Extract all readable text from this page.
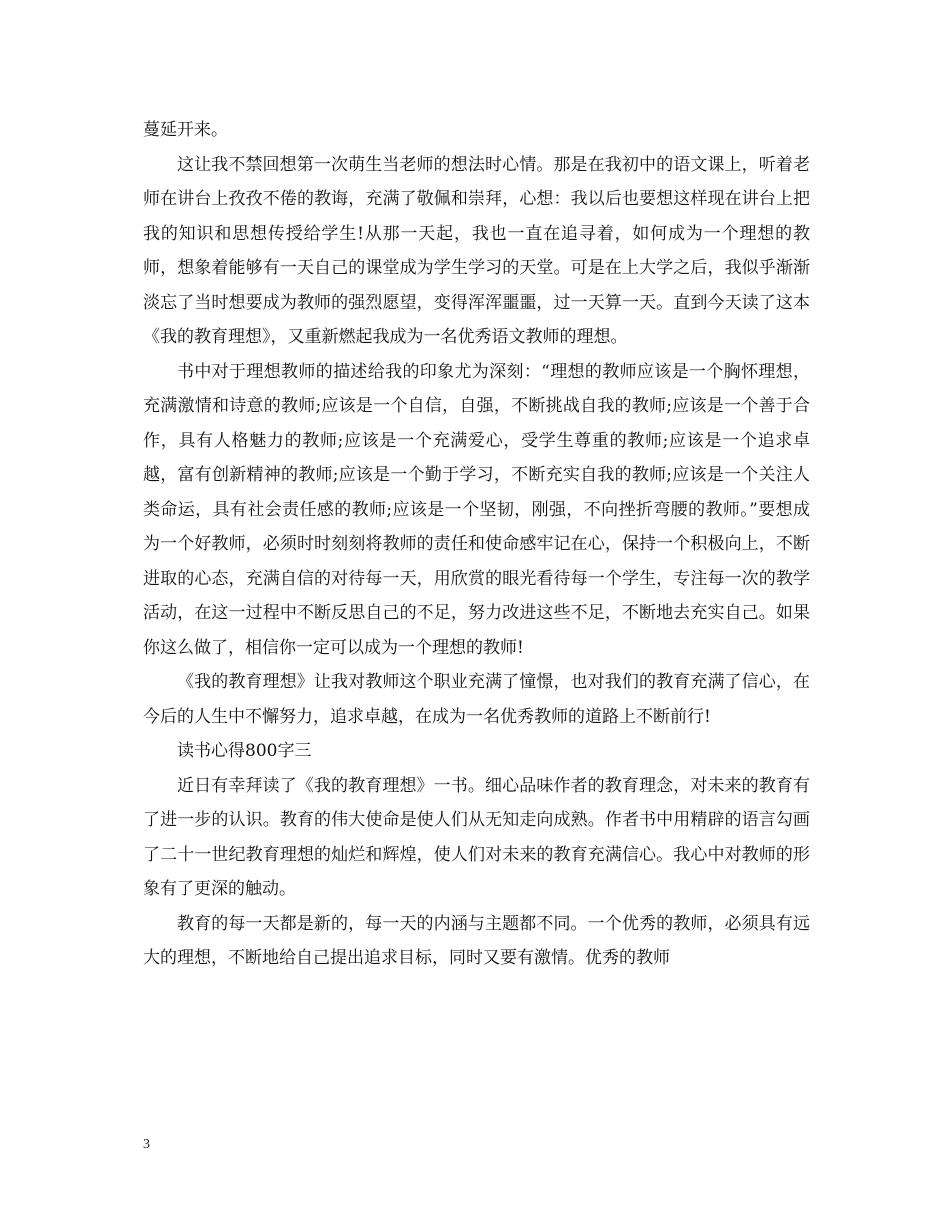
蔓延开来。

这让我不禁回想第一次萌生当老师的想法时心情。那是在我初中的语文课上，听着老师在讲台上孜孜不倦的教诲，充满了敬佩和崇拜，心想：我以后也要想这样现在讲台上把我的知识和思想传授给学生!从那一天起，我也一直在追寻着，如何成为一个理想的教师，想象着能够有一天自己的课堂成为学生学习的天堂。可是在上大学之后，我似乎渐渐淡忘了当时想要成为教师的强烈愿望，变得浑浑噩噩，过一天算一天。直到今天读了这本《我的教育理想》，又重新燃起我成为一名优秀语文教师的理想。

书中对于理想教师的描述给我的印象尤为深刻：“理想的教师应该是一个胸怀理想，充满激情和诗意的教师;应该是一个自信，自强，不断挑战自我的教师;应该是一个善于合作，具有人格魅力的教师;应该是一个充满爱心，受学生尊重的教师;应该是一个追求卓越，富有创新精神的教师;应该是一个勤于学习，不断充实自我的教师;应该是一个关注人类命运，具有社会责任感的教师;应该是一个坚韧，刚强，不向挫折弯腰的教师。”要想成为一个好教师，必须时时刻刻将教师的责任和使命感牢记在心，保持一个积极向上，不断进取的心态，充满自信的对待每一天，用欣赏的眼光看待每一个学生，专注每一次的教学活动，在这一过程中不断反思自己的不足，努力改进这些不足，不断地去充实自己。如果你这么做了，相信你一定可以成为一个理想的教师!

《我的教育理想》让我对教师这个职业充满了憧憬，也对我们的教育充满了信心，在今后的人生中不懈努力，追求卓越，在成为一名优秀教师的道路上不断前行!

读书心得800字三

近日有幸拜读了《我的教育理想》一书。细心品味作者的教育理念，对未来的教育有了进一步的认识。教育的伟大使命是使人们从无知走向成熟。作者书中用精辟的语言勾画了二十一世纪教育理想的灿烂和辉煌，使人们对未来的教育充满信心。我心中对教师的形象有了更深的触动。

教育的每一天都是新的，每一天的内涵与主题都不同。一个优秀的教师，必须具有远大的理想，不断地给自己提出追求目标，同时又要有激情。优秀的教师

3
